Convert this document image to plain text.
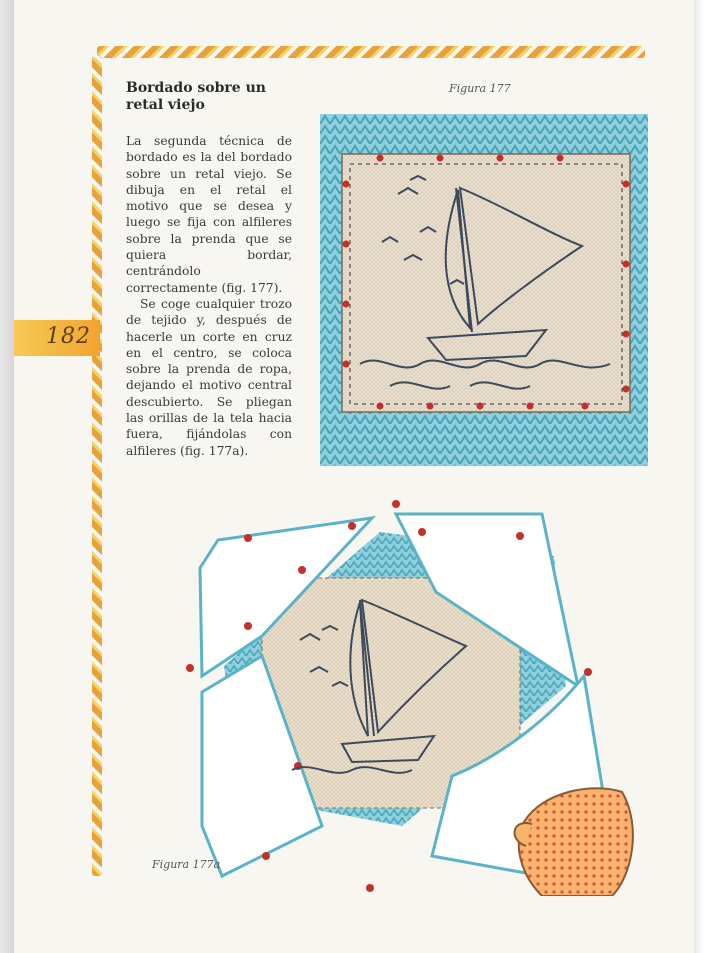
182
Bordado sobre un retal viejo

La segunda técnica de bordado es la del bordado sobre un retal viejo. Se dibuja en el retal el motivo que se desea y luego se fija con alfileres sobre la prenda que se quiera bordar, centrándolo correctamente (fig. 177).

Se coge cualquier trozo de tejido y, después de hacerle un corte en cruz en el centro, se coloca sobre la prenda de ropa, dejando el motivo central descubierto. Se pliegan las orillas de la tela hacia fuera, fijándolas con alfileres (fig. 177a).

Figura 177
Figura 177a
